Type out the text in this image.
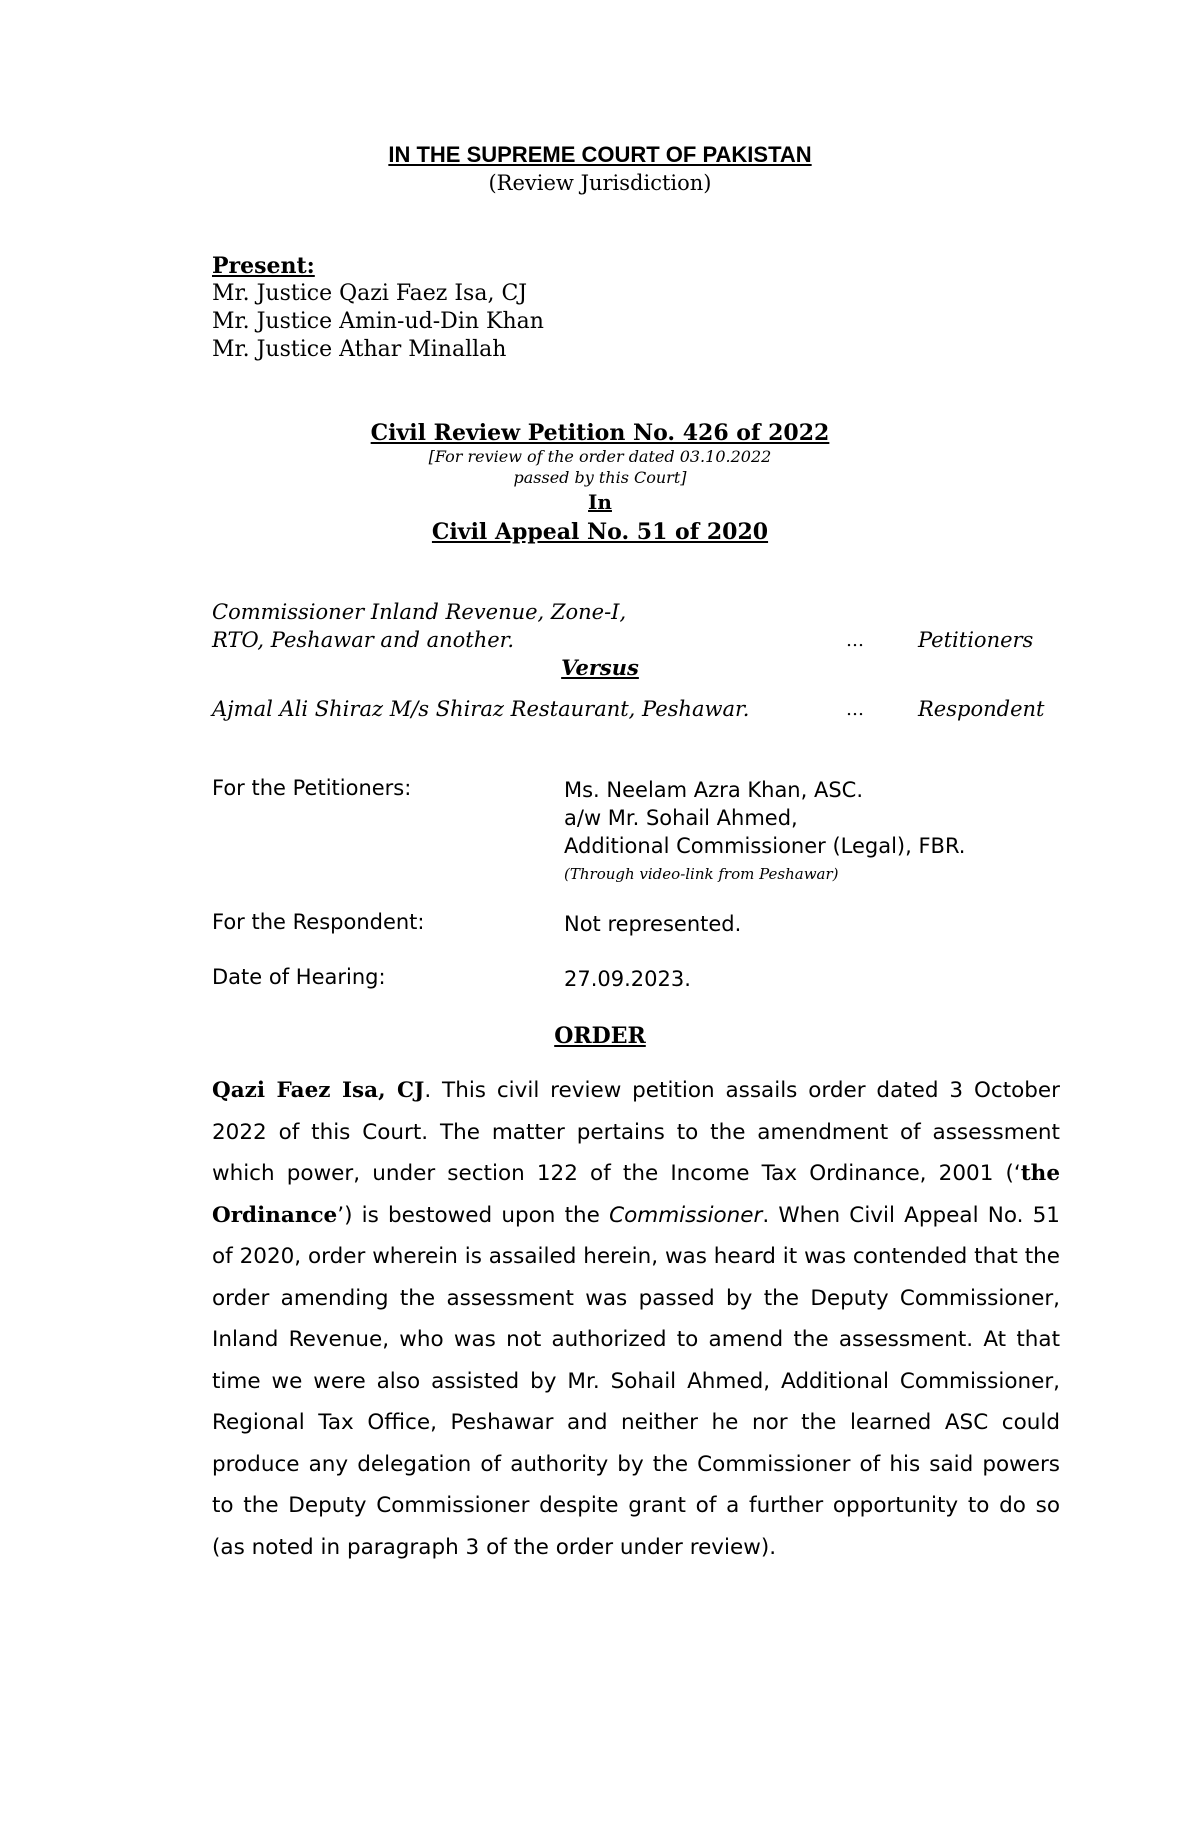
IN THE SUPREME COURT OF PAKISTAN
(Review Jurisdiction)
Present:
Mr. Justice Qazi Faez Isa, CJ
Mr. Justice Amin-ud-Din Khan
Mr. Justice Athar Minallah
Civil Review Petition No. 426 of 2022
[For review of the order dated 03.10.2022
passed by this Court]
In
Civil Appeal No. 51 of 2020
Commissioner Inland Revenue, Zone-I,
RTO, Peshawar and another.	…	Petitioners
Versus
Ajmal Ali Shiraz M/s Shiraz Restaurant, Peshawar.	…	Respondent
For the Petitioners:	Ms. Neelam Azra Khan, ASC.
a/w Mr. Sohail Ahmed,
Additional Commissioner (Legal), FBR.
(Through video-link from Peshawar)
For the Respondent:	Not represented.
Date of Hearing:	27.09.2023.
ORDER
Qazi Faez Isa, CJ. This civil review petition assails order dated 3 October 2022 of this Court. The matter pertains to the amendment of assessment which power, under section 122 of the Income Tax Ordinance, 2001 (‘the Ordinance’) is bestowed upon the Commissioner. When Civil Appeal No. 51 of 2020, order wherein is assailed herein, was heard it was contended that the order amending the assessment was passed by the Deputy Commissioner, Inland Revenue, who was not authorized to amend the assessment. At that time we were also assisted by Mr. Sohail Ahmed, Additional Commissioner, Regional Tax Office, Peshawar and neither he nor the learned ASC could produce any delegation of authority by the Commissioner of his said powers to the Deputy Commissioner despite grant of a further opportunity to do so (as noted in paragraph 3 of the order under review).
